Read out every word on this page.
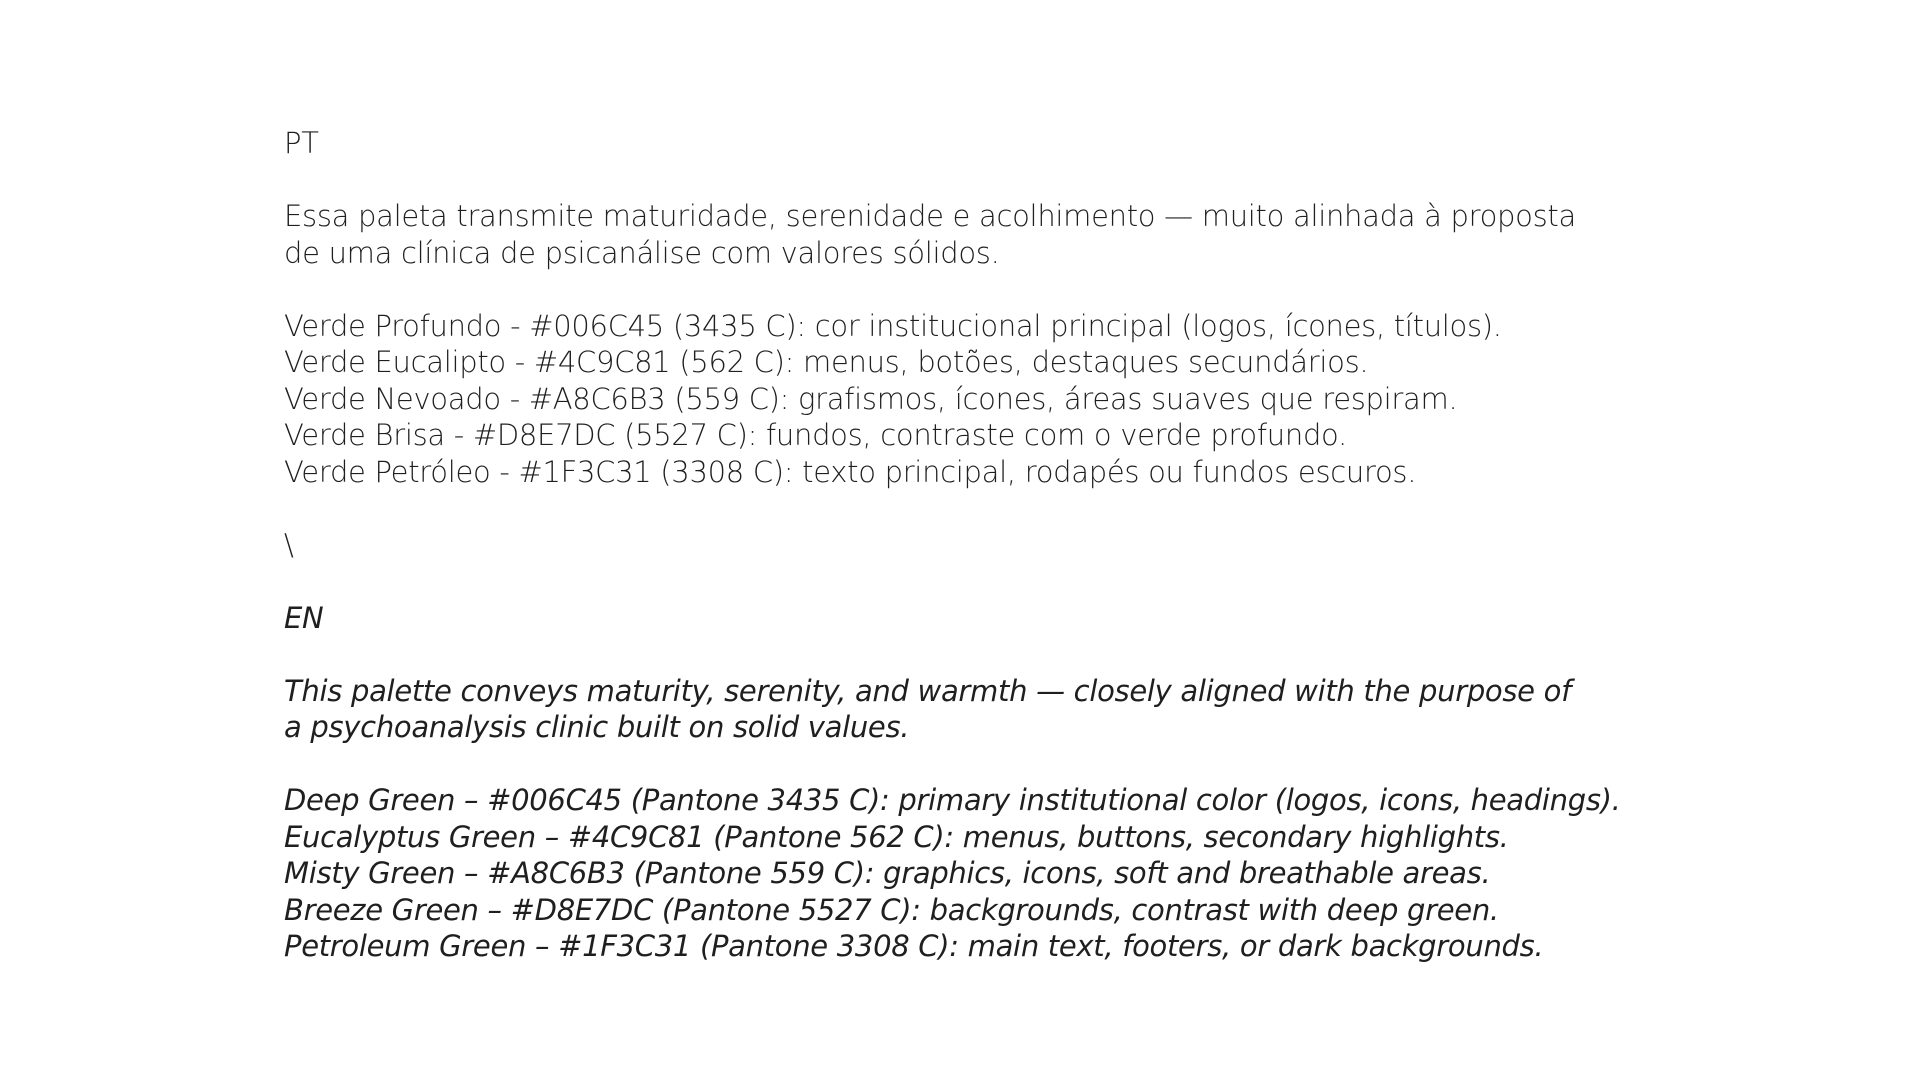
PT
Essa paleta transmite maturidade, serenidade e acolhimento — muito alinhada à proposta
de uma clínica de psicanálise com valores sólidos.
Verde Profundo - #006C45 (3435 C): cor institucional principal (logos, ícones, títulos).
Verde Eucalipto - #4C9C81 (562 C): menus, botões, destaques secundários.
Verde Nevoado - #A8C6B3 (559 C): grafismos, ícones, áreas suaves que respiram.
Verde Brisa - #D8E7DC (5527 C): fundos, contraste com o verde profundo.
Verde Petróleo - #1F3C31 (3308 C): texto principal, rodapés ou fundos escuros.
\
EN
This palette conveys maturity, serenity, and warmth — closely aligned with the purpose of
a psychoanalysis clinic built on solid values.
Deep Green – #006C45 (Pantone 3435 C): primary institutional color (logos, icons, headings).
Eucalyptus Green – #4C9C81 (Pantone 562 C): menus, buttons, secondary highlights.
Misty Green – #A8C6B3 (Pantone 559 C): graphics, icons, soft and breathable areas.
Breeze Green – #D8E7DC (Pantone 5527 C): backgrounds, contrast with deep green.
Petroleum Green – #1F3C31 (Pantone 3308 C): main text, footers, or dark backgrounds.
